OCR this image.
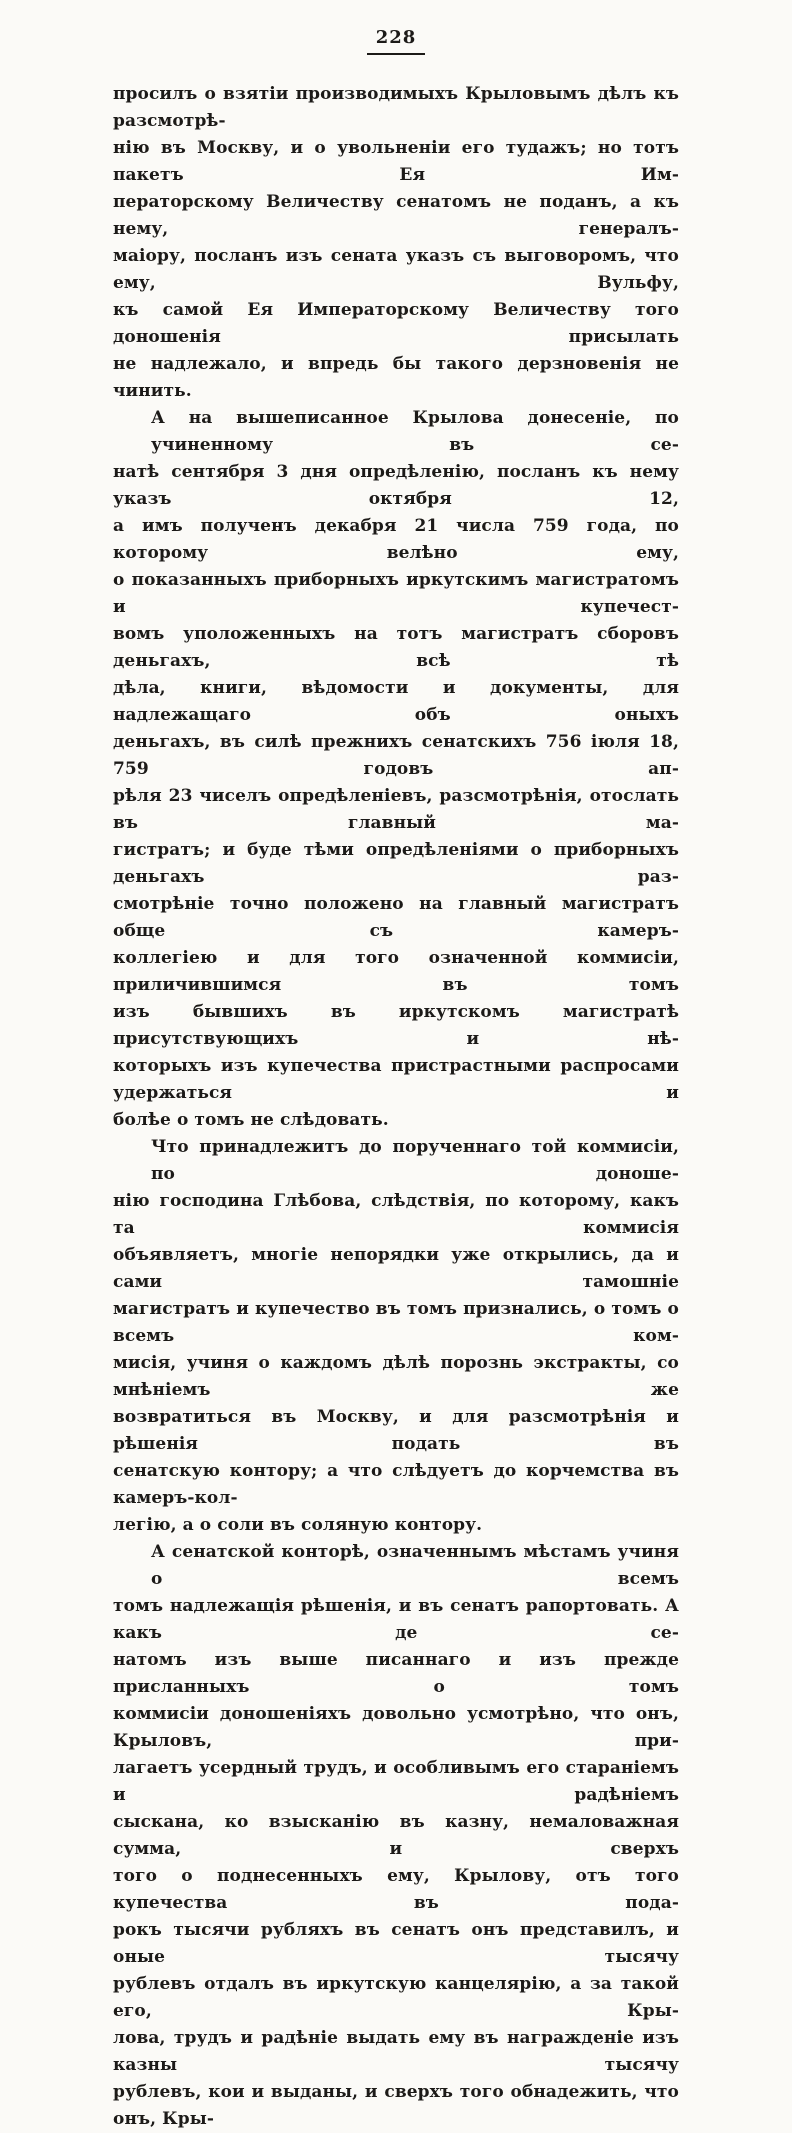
228
просилъ о взятіи производимыхъ Крыловымъ дѣлъ къ разсмотрѣ-
нію въ Москву, и о увольненіи его тудажъ; но тотъ пакетъ Ея Им-
ператорскому Величеству сенатомъ не поданъ, а къ нему, генералъ-
маіору, посланъ изъ сената указъ съ выговоромъ, что ему, Вульфу,
къ самой Ея Императорскому Величеству того доношенія присылать
не надлежало, и впредь бы такого дерзновенія не чинить.
А на вышеписанное Крылова донесеніе, по учиненному въ се-
натѣ сентября 3 дня опредѣленію, посланъ къ нему указъ октября 12,
а имъ полученъ декабря 21 числа 759 года, по которому велѣно ему,
о показанныхъ приборныхъ иркутскимъ магистратомъ и купечест-
вомъ уположенныхъ на тотъ магистратъ сборовъ деньгахъ, всѣ тѣ
дѣла, книги, вѣдомости и документы, для надлежащаго объ оныхъ
деньгахъ, въ силѣ прежнихъ сенатскихъ 756 іюля 18, 759 годовъ ап-
рѣля 23 чиселъ опредѣленіевъ, разсмотрѣнія, отослать въ главный ма-
гистратъ; и буде тѣми опредѣленіями о приборныхъ деньгахъ раз-
смотрѣніе точно положено на главный магистратъ обще съ камеръ-
коллегіею и для того означенной коммисіи, приличившимся въ томъ
изъ бывшихъ въ иркутскомъ магистратѣ присутствующихъ и нѣ-
которыхъ изъ купечества пристрастными распросами удержаться и
болѣе о томъ не слѣдовать.
Что принадлежитъ до порученнаго той коммисіи, по доноше-
нію господина Глѣбова, слѣдствія, по которому, какъ та коммисія
объявляетъ, многіе непорядки уже открылись, да и сами тамошніе
магистратъ и купечество въ томъ признались, о томъ о всемъ ком-
мисія, учиня о каждомъ дѣлѣ порознь экстракты, со мнѣніемъ же
возвратиться въ Москву, и для разсмотрѣнія и рѣшенія подать въ
сенатскую контору; а что слѣдуетъ до корчемства въ камеръ-кол-
легію, а о соли въ соляную контору.
А сенатской конторѣ, означеннымъ мѣстамъ учиня о всемъ
томъ надлежащія рѣшенія, и въ сенатъ рапортовать. А какъ де се-
натомъ изъ выше писаннаго и изъ прежде присланныхъ о томъ
коммисіи доношеніяхъ довольно усмотрѣно, что онъ, Крыловъ, при-
лагаетъ усердный трудъ, и особливымъ его стараніемъ и радѣніемъ
сыскана, ко взысканію въ казну, немаловажная сумма, и сверхъ
того о поднесенныхъ ему, Крылову, отъ того купечества въ пода-
рокъ тысячи рубляхъ въ сенатъ онъ представилъ, и оные тысячу
рублевъ отдалъ въ иркутскую канцелярію, а за такой его, Кры-
лова, трудъ и радѣніе выдать ему въ награжденіе изъ казны тысячу
рублевъ, кои и выданы, и сверхъ того обнадежить, что онъ, Кры-
